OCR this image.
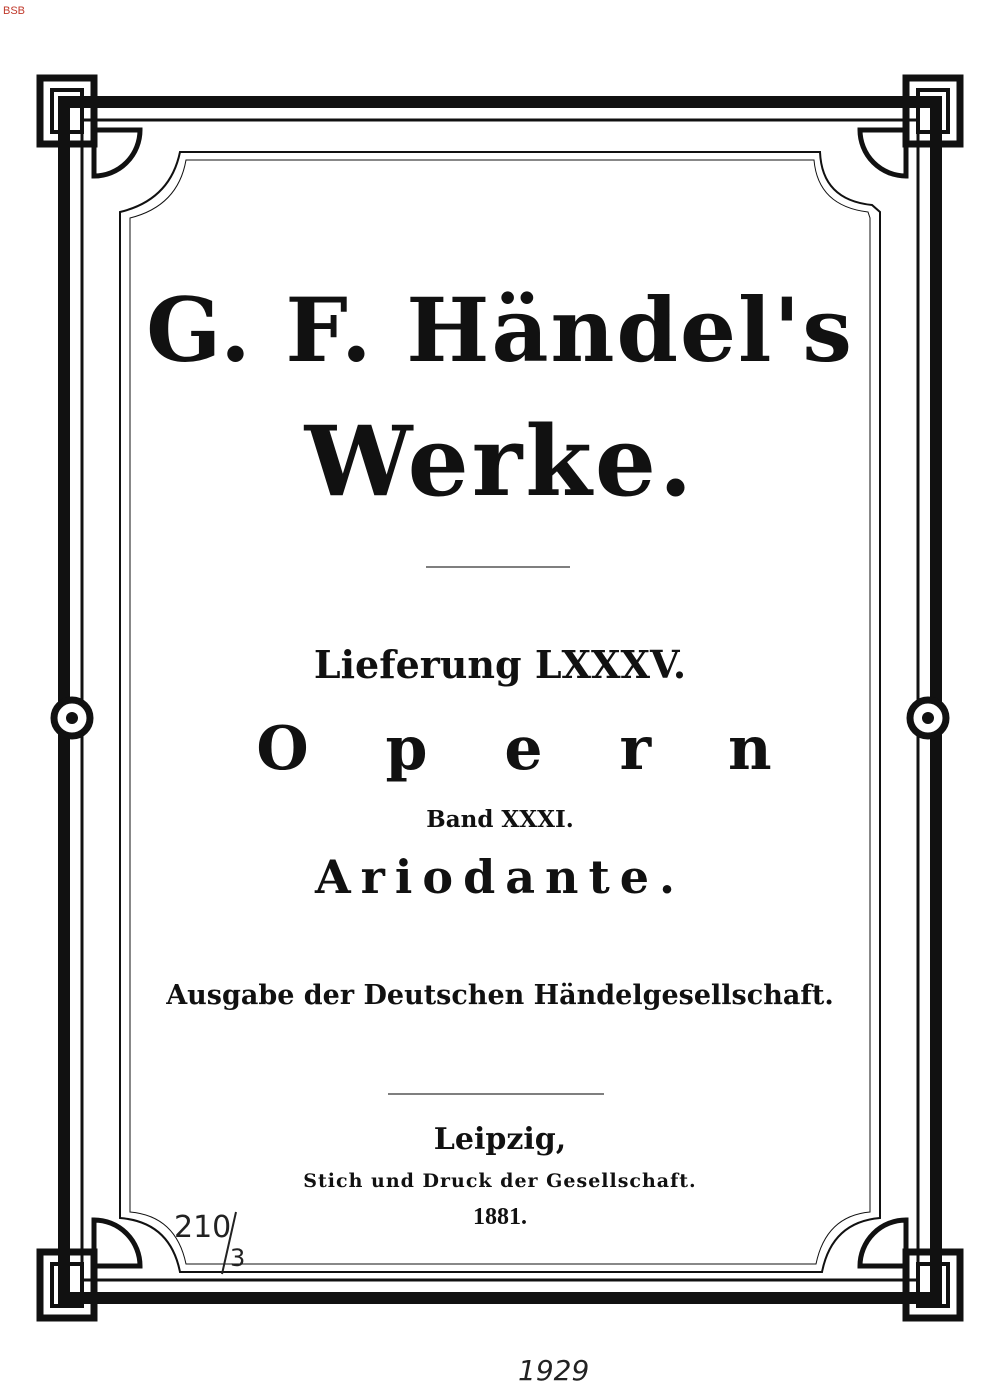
BSB
G. F. Händel's
Werke.
Lieferung LXXXV.
O p e r n
Band XXXI.
Ariodante.
Ausgabe der Deutschen Händelgesellschaft.
Leipzig,
Stich und Druck der Gesellschaft.
1881.
210
3
1929
